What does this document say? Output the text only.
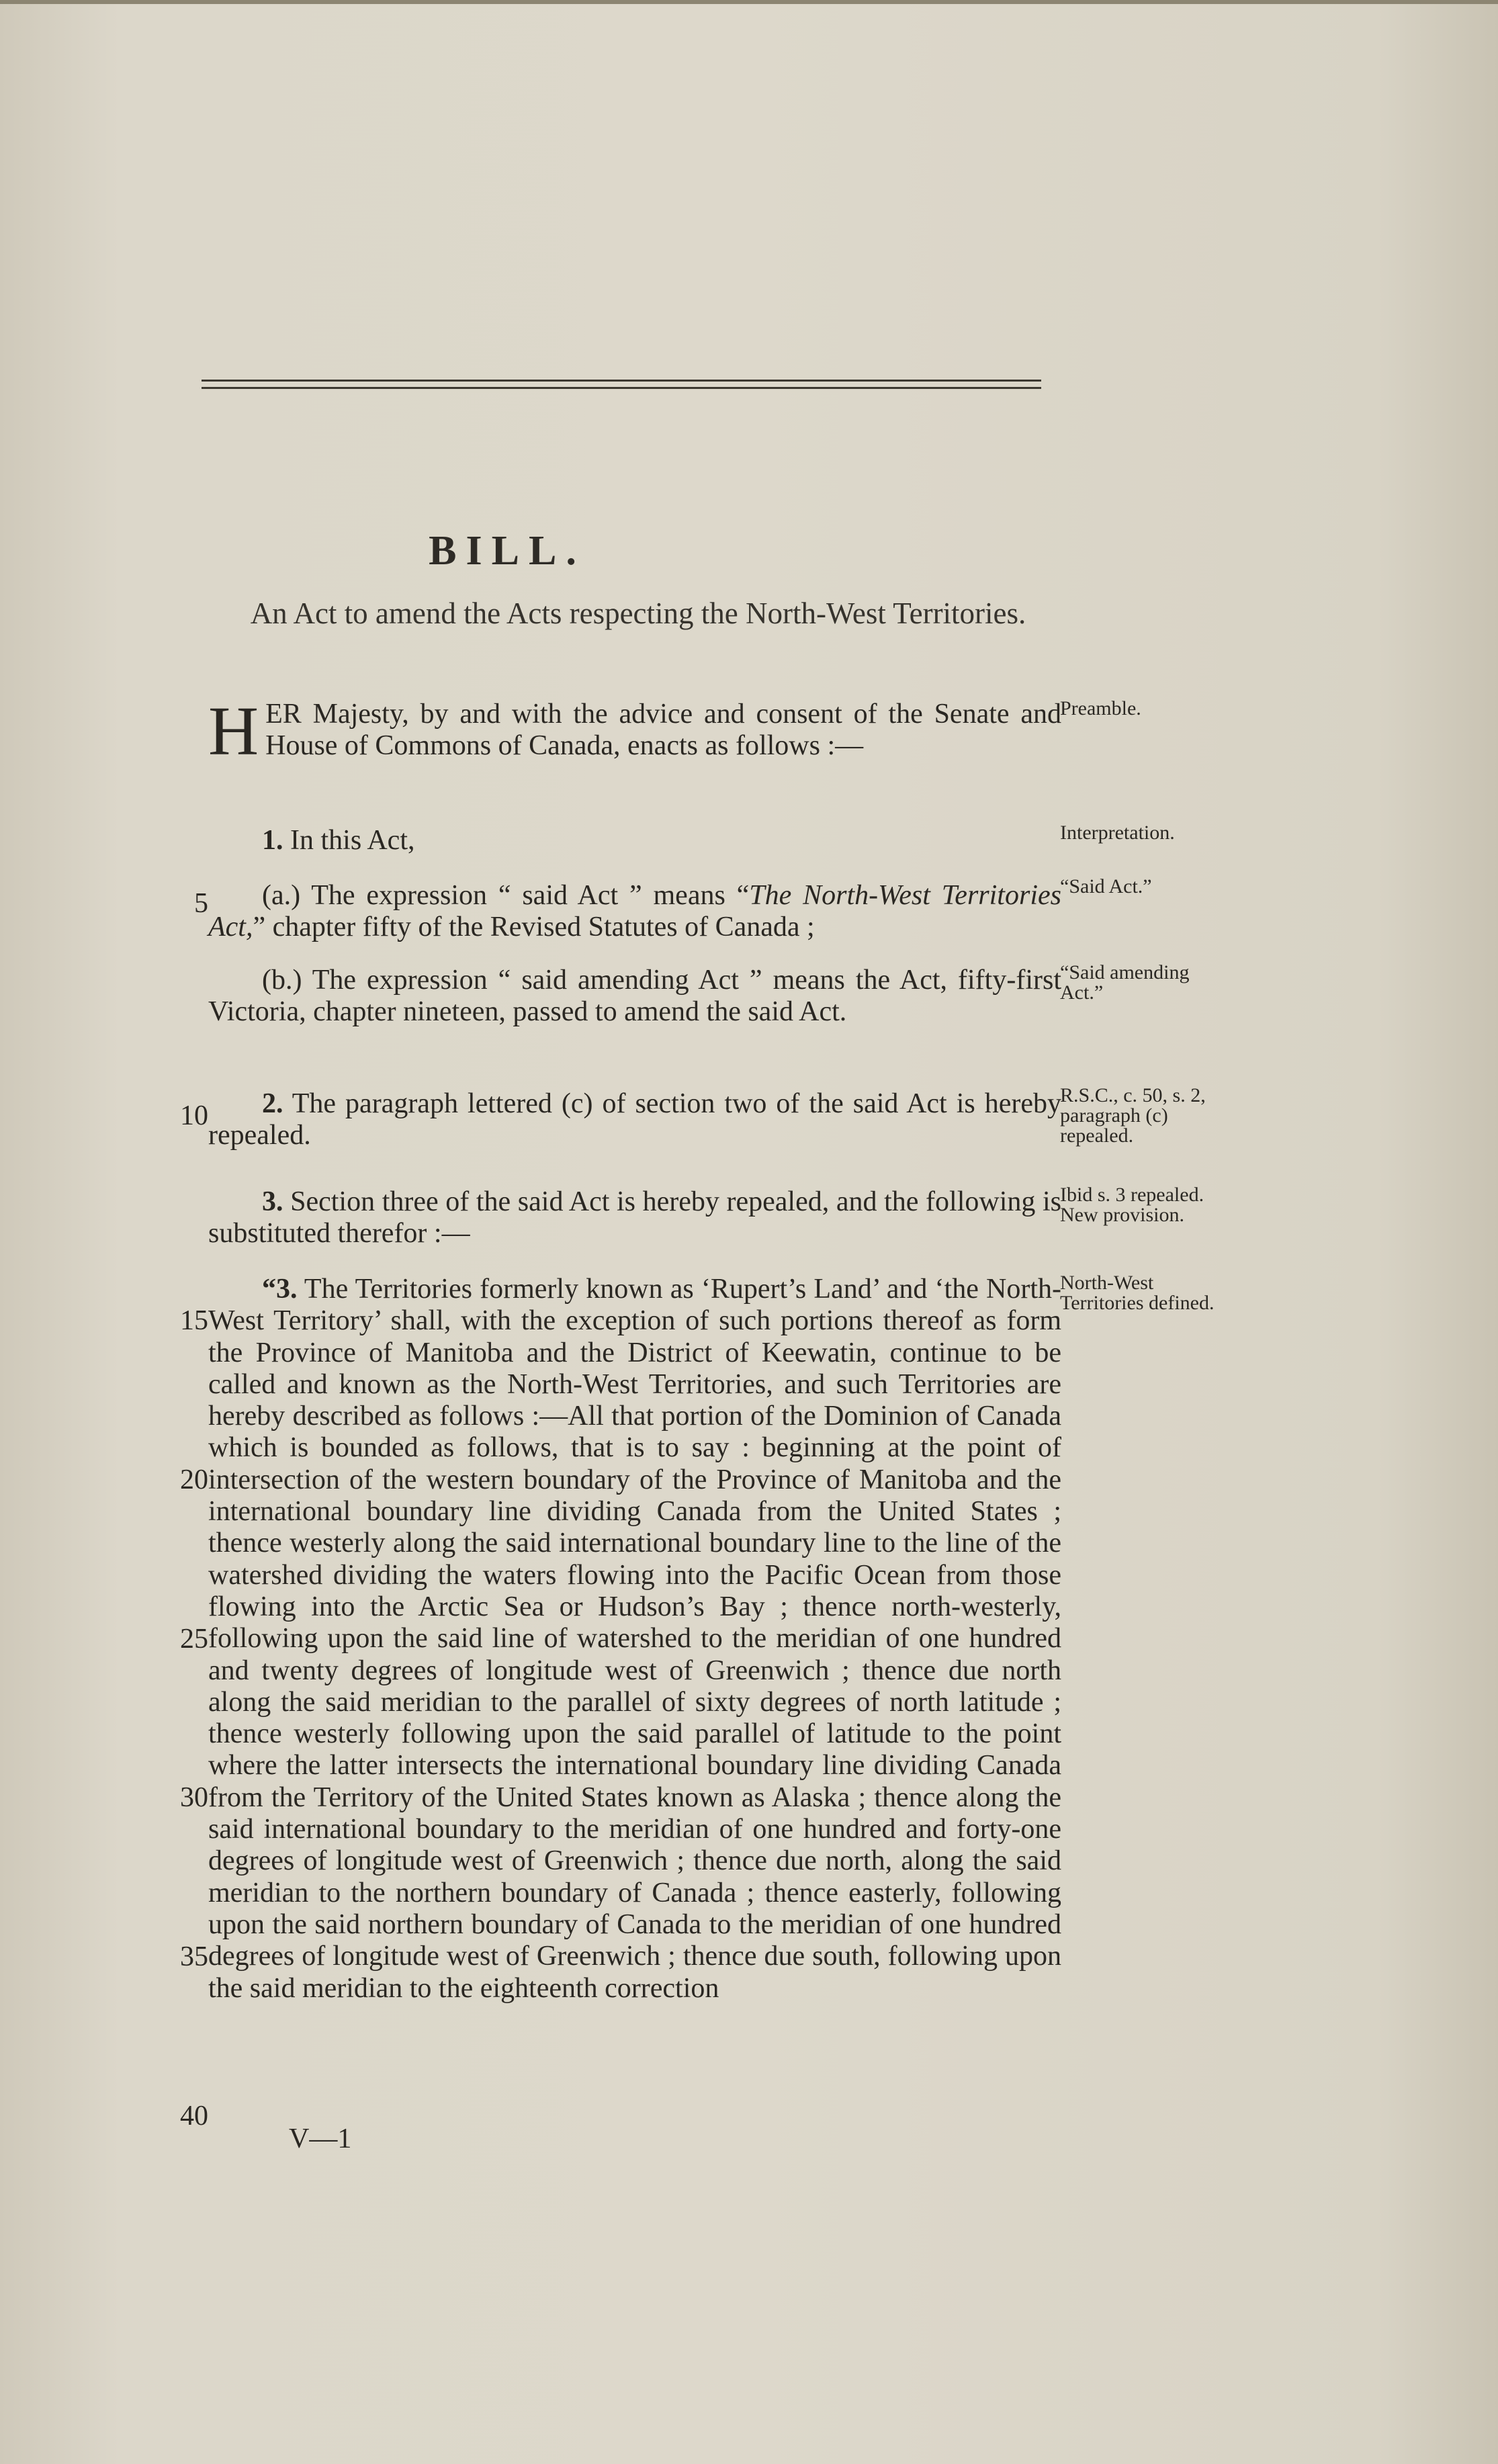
BILL.
An Act to amend the Acts respecting the North-West Territories.
HER Majesty, by and with the advice and consent of the Senate and House of Commons of Canada, enacts as follows :—
Preamble.
1. In this Act,	Interpretation.
5	(a.) The expression “ said Act ” means “The North-West Territories Act,” chapter fifty of the Revised Statutes of Canada ;
“Said Act.”
(b.) The expression “ said amending Act ” means the Act, fifty-first Victoria, chapter nineteen, passed to amend the said Act.
“Said amending Act.”
10	2. The paragraph lettered (c) of section two of the said Act is hereby repealed.
R.S.C., c. 50, s. 2, paragraph (c) repealed.
3. Section three of the said Act is hereby repealed, and the following is substituted therefor :—
Ibid s. 3 repealed. New provision.
“3. The Territories formerly known as ‘Rupert’s Land’ and ‘the North-West Territory’ shall, with the exception of such portions thereof as form the Province of Manitoba and the District of Keewatin, continue to be called and known as the North-West Territories, and such Territories are hereby described as follows :—All that portion of the Dominion of Canada which is bounded as follows, that is to say : beginning at the point of intersection of the western boundary of the Province of Manitoba and the international boundary line dividing Canada from the United States ; thence westerly along the said international boundary line to the line of the watershed dividing the waters flowing into the Pacific Ocean from those flowing into the Arctic Sea or Hudson’s Bay ; thence north-westerly, following upon the said line of watershed to the meridian of one hundred and twenty degrees of longitude west of Greenwich ; thence due north along the said meridian to the parallel of sixty degrees of north latitude ; thence westerly following upon the said parallel of latitude to the point where the latter intersects the international boundary line dividing Canada from the Territory of the United States known as Alaska ; thence along the said international boundary to the meridian of one hundred and forty-one degrees of longitude west of Greenwich ; thence due north, along the said meridian to the northern boundary of Canada ; thence easterly, following upon the said northern boundary of Canada to the meridian of one hundred degrees of longitude west of Greenwich ; thence due south, following upon the said meridian to the eighteenth correction
North-West Territories defined.
15
20
25
30
35
40
V—1
